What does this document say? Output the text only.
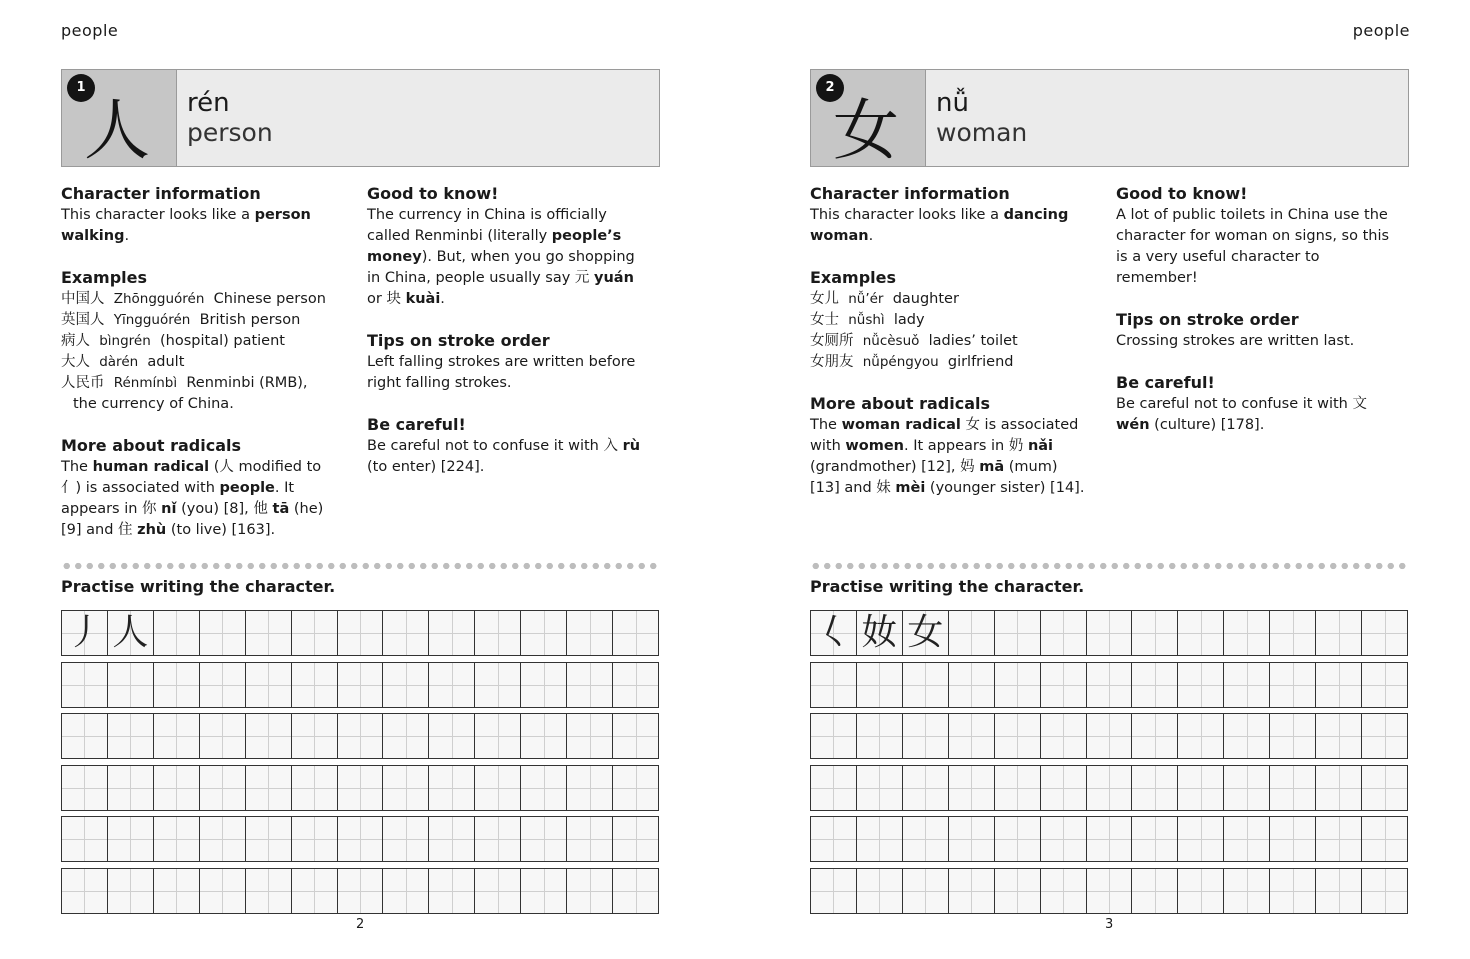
people
1
人 rén
person
Character information
This character looks like a person walking.
Examples
中国人 Zhōngguórén Chinese person
英国人 Yīngguórén British person
病人 bìngrén (hospital) patient
大人 dàrén adult
人民币 Rénmínbì Renminbi (RMB),
the currency of China.
More about radicals
The human radical (人 modified to 亻) is associated with people. It appears in 你 nǐ (you) [8], 他 tā (he) [9] and 住 zhù (to live) [163].
Good to know!
The currency in China is officially called Renminbi (literally people’s money). But, when you go shopping in China, people usually say 元 yuán or 块 kuài.
Tips on stroke order
Left falling strokes are written before right falling strokes.
Be careful!
Be careful not to confuse it with 入 rù (to enter) [224].
Practise writing the character.
丿 人
2
people
2
女 nǚ
woman
Character information
This character looks like a dancing woman.
Examples
女儿 nǚ’ér daughter
女士 nǚshì lady
女厕所 nǚcèsuǒ ladies’ toilet
女朋友 nǚpéngyou girlfriend
More about radicals
The woman radical 女 is associated with women. It appears in 奶 nǎi (grandmother) [12], 妈 mā (mum) [13] and 妹 mèi (younger sister) [14].
Good to know!
A lot of public toilets in China use the character for woman on signs, so this is a very useful character to remember!
Tips on stroke order
Crossing strokes are written last.
Be careful!
Be careful not to confuse it with 文 wén (culture) [178].
Practise writing the character.
𡿨 奻 女
3
